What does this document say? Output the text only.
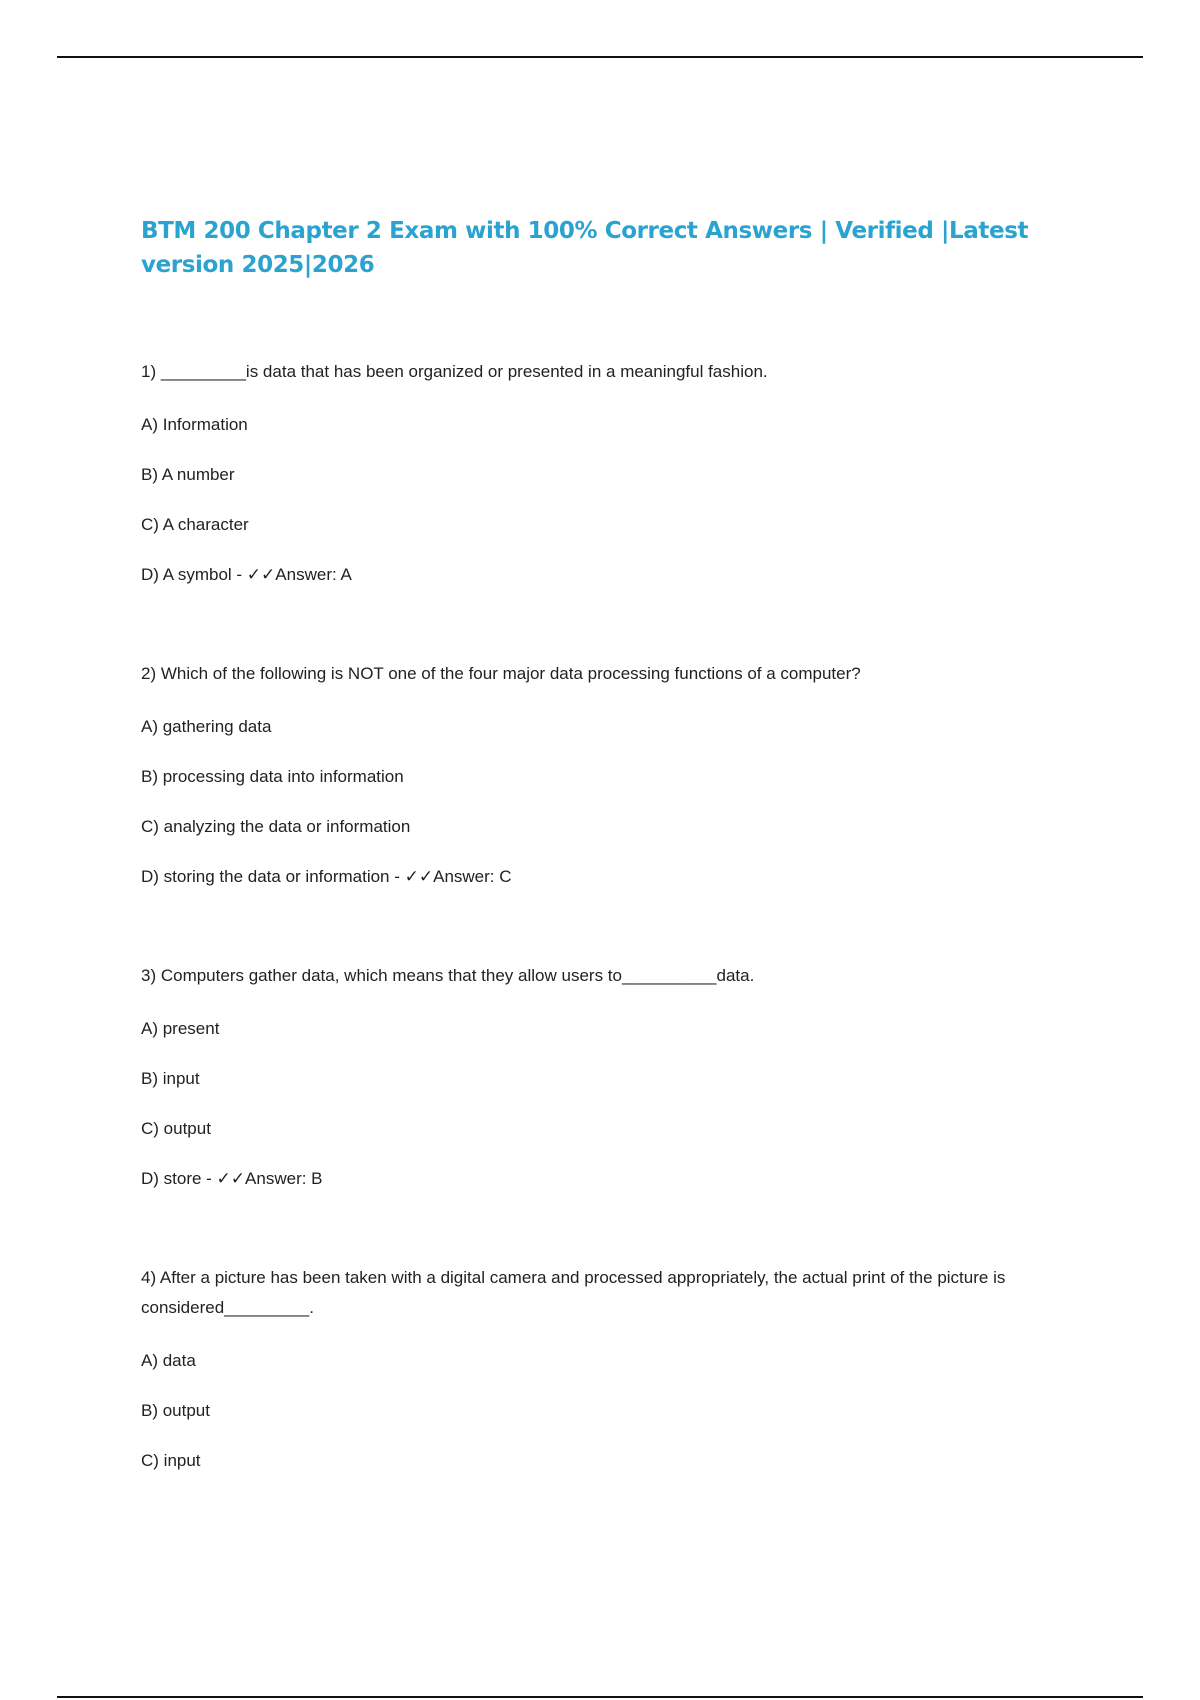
BTM 200 Chapter 2 Exam with 100% Correct Answers | Verified |Latest version 2025|2026

1) _________is data that has been organized or presented in a meaningful fashion.

A) Information

B) A number

C) A character

D) A symbol - ✓✓Answer: A

2) Which of the following is NOT one of the four major data processing functions of a computer?

A) gathering data

B) processing data into information

C) analyzing the data or information

D) storing the data or information - ✓✓Answer: C

3) Computers gather data, which means that they allow users to__________data.

A) present

B) input

C) output

D) store - ✓✓Answer: B

4) After a picture has been taken with a digital camera and processed appropriately, the actual print of the picture is considered_________.

A) data

B) output

C) input
